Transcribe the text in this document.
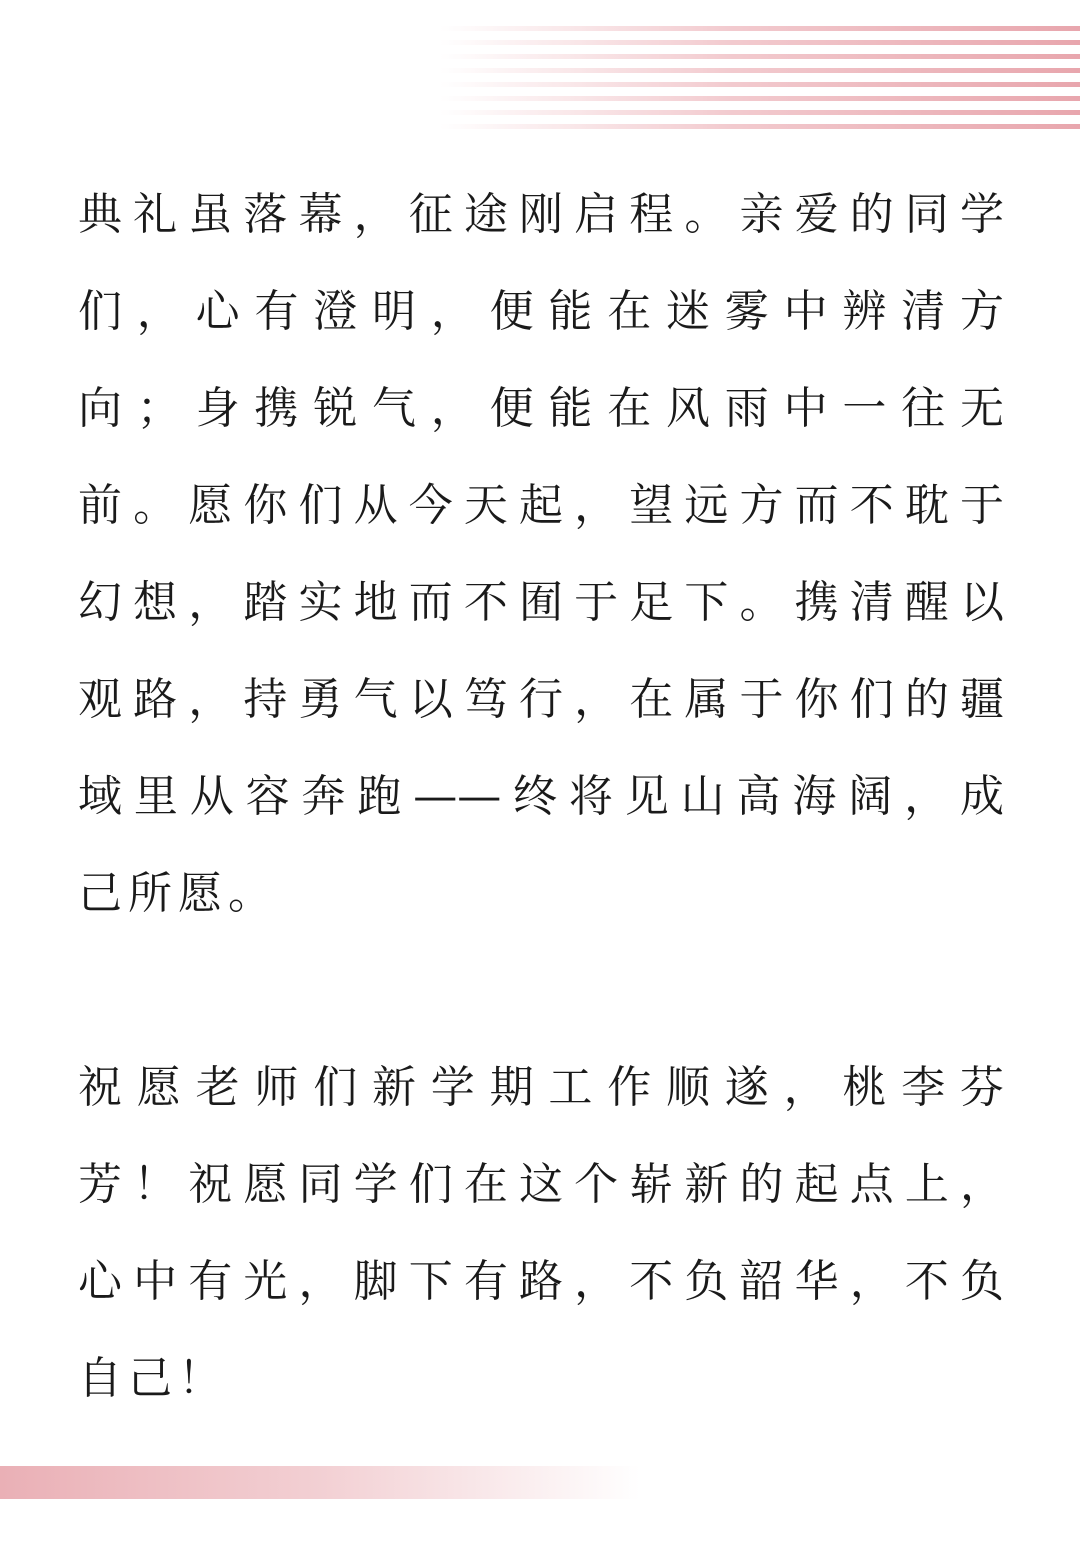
典礼虽落幕，征途刚启程。亲爱的同学
们，心有澄明，便能在迷雾中辨清方
向；身携锐气，便能在风雨中一往无
前。愿你们从今天起，望远方而不耽于
幻想，踏实地而不囿于足下。携清醒以
观路，持勇气以笃行，在属于你们的疆
域里从容奔跑——终将见山高海阔，成
己所愿。

祝愿老师们新学期工作顺遂，桃李芬
芳！祝愿同学们在这个崭新的起点上，
心中有光，脚下有路，不负韶华，不负
自己！
